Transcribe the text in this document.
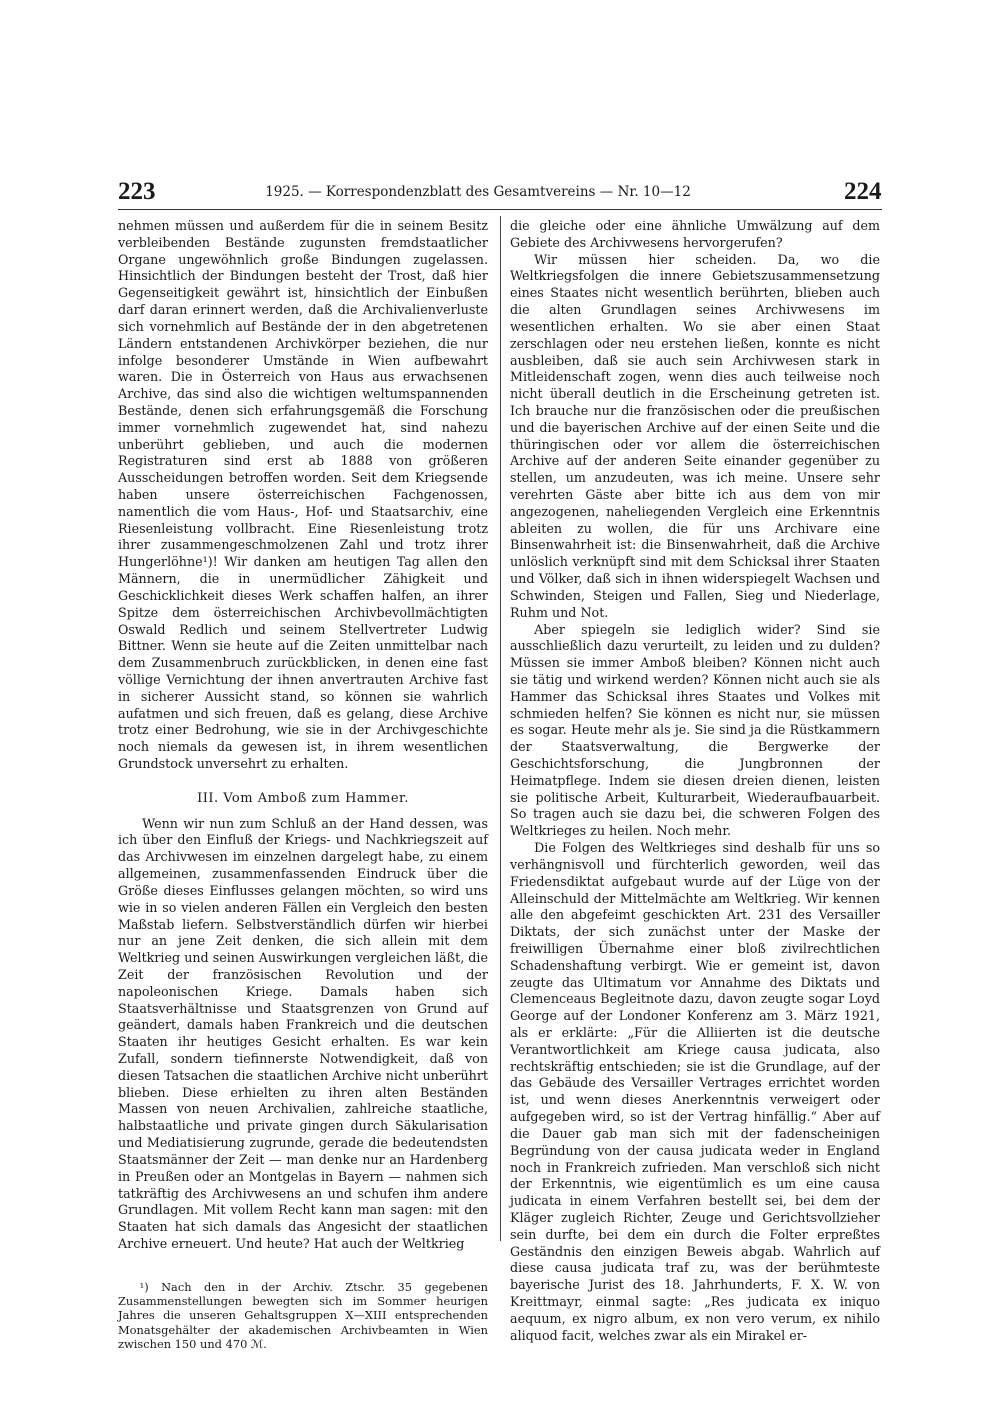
223	1925. — Korrespondenzblatt des Gesamtvereins — Nr. 10—12	224

nehmen müssen und außerdem für die in seinem Besitz verbleibenden Bestände zugunsten fremdstaatlicher Organe ungewöhnlich große Bindungen zugelassen. Hinsichtlich der Bindungen besteht der Trost, daß hier Gegenseitigkeit gewährt ist, hinsichtlich der Einbußen darf daran erinnert werden, daß die Archivalienverluste sich vornehmlich auf Bestände der in den abgetretenen Ländern entstandenen Archivkörper beziehen, die nur infolge besonderer Umstände in Wien aufbewahrt waren. Die in Österreich von Haus aus erwachsenen Archive, das sind also die wichtigen weltumspannenden Bestände, denen sich erfahrungsgemäß die Forschung immer vornehmlich zugewendet hat, sind nahezu unberührt geblieben, und auch die modernen Registraturen sind erst ab 1888 von größeren Ausscheidungen betroffen worden. Seit dem Kriegsende haben unsere österreichischen Fachgenossen, namentlich die vom Haus-, Hof- und Staatsarchiv, eine Riesenleistung vollbracht. Eine Riesenleistung trotz ihrer zusammengeschmolzenen Zahl und trotz ihrer Hungerlöhne¹)! Wir danken am heutigen Tag allen den Männern, die in unermüdlicher Zähigkeit und Geschicklichkeit dieses Werk schaffen halfen, an ihrer Spitze dem österreichischen Archivbevollmächtigten Oswald Redlich und seinem Stellvertreter Ludwig Bittner. Wenn sie heute auf die Zeiten unmittelbar nach dem Zusammenbruch zurückblicken, in denen eine fast völlige Vernichtung der ihnen anvertrauten Archive fast in sicherer Aussicht stand, so können sie wahrlich aufatmen und sich freuen, daß es gelang, diese Archive trotz einer Bedrohung, wie sie in der Archivgeschichte noch niemals da gewesen ist, in ihrem wesentlichen Grundstock unversehrt zu erhalten.

III. Vom Amboß zum Hammer.

Wenn wir nun zum Schluß an der Hand dessen, was ich über den Einfluß der Kriegs- und Nachkriegszeit auf das Archivwesen im einzelnen dargelegt habe, zu einem allgemeinen, zusammenfassenden Eindruck über die Größe dieses Einflusses gelangen möchten, so wird uns wie in so vielen anderen Fällen ein Vergleich den besten Maßstab liefern. Selbstverständlich dürfen wir hierbei nur an jene Zeit denken, die sich allein mit dem Weltkrieg und seinen Auswirkungen vergleichen läßt, die Zeit der französischen Revolution und der napoleonischen Kriege. Damals haben sich Staatsverhältnisse und Staatsgrenzen von Grund auf geändert, damals haben Frankreich und die deutschen Staaten ihr heutiges Gesicht erhalten. Es war kein Zufall, sondern tiefinnerste Notwendigkeit, daß von diesen Tatsachen die staatlichen Archive nicht unberührt blieben. Diese erhielten zu ihren alten Beständen Massen von neuen Archivalien, zahlreiche staatliche, halbstaatliche und private gingen durch Säkularisation und Mediatisierung zugrunde, gerade die bedeutendsten Staatsmänner der Zeit — man denke nur an Hardenberg in Preußen oder an Montgelas in Bayern — nahmen sich tatkräftig des Archivwesens an und schufen ihm andere Grundlagen. Mit vollem Recht kann man sagen: mit den Staaten hat sich damals das Angesicht der staatlichen Archive erneuert. Und heute? Hat auch der Weltkrieg

¹) Nach den in der Archiv. Ztschr. 35 gegebenen Zusammenstellungen bewegten sich im Sommer heurigen Jahres die unseren Gehaltsgruppen X—XIII entsprechenden Monatsgehälter der akademischen Archivbeamten in Wien zwischen 150 und 470 ℳ.

die gleiche oder eine ähnliche Umwälzung auf dem Gebiete des Archivwesens hervorgerufen?

Wir müssen hier scheiden. Da, wo die Weltkriegsfolgen die innere Gebietszusammensetzung eines Staates nicht wesentlich berührten, blieben auch die alten Grundlagen seines Archivwesens im wesentlichen erhalten. Wo sie aber einen Staat zerschlagen oder neu erstehen ließen, konnte es nicht ausbleiben, daß sie auch sein Archivwesen stark in Mitleidenschaft zogen, wenn dies auch teilweise noch nicht überall deutlich in die Erscheinung getreten ist. Ich brauche nur die französischen oder die preußischen und die bayerischen Archive auf der einen Seite und die thüringischen oder vor allem die österreichischen Archive auf der anderen Seite einander gegenüber zu stellen, um anzudeuten, was ich meine. Unsere sehr verehrten Gäste aber bitte ich aus dem von mir angezogenen, naheliegenden Vergleich eine Erkenntnis ableiten zu wollen, die für uns Archivare eine Binsenwahrheit ist: die Binsenwahrheit, daß die Archive unlöslich verknüpft sind mit dem Schicksal ihrer Staaten und Völker, daß sich in ihnen widerspiegelt Wachsen und Schwinden, Steigen und Fallen, Sieg und Niederlage, Ruhm und Not.

Aber spiegeln sie lediglich wider? Sind sie ausschließlich dazu verurteilt, zu leiden und zu dulden? Müssen sie immer Amboß bleiben? Können nicht auch sie tätig und wirkend werden? Können nicht auch sie als Hammer das Schicksal ihres Staates und Volkes mit schmieden helfen? Sie können es nicht nur, sie müssen es sogar. Heute mehr als je. Sie sind ja die Rüstkammern der Staatsverwaltung, die Bergwerke der Geschichtsforschung, die Jungbronnen der Heimatpflege. Indem sie diesen dreien dienen, leisten sie politische Arbeit, Kulturarbeit, Wiederaufbauarbeit. So tragen auch sie dazu bei, die schweren Folgen des Weltkrieges zu heilen. Noch mehr.

Die Folgen des Weltkrieges sind deshalb für uns so verhängnisvoll und fürchterlich geworden, weil das Friedensdiktat aufgebaut wurde auf der Lüge von der Alleinschuld der Mittelmächte am Weltkrieg. Wir kennen alle den abgefeimt geschickten Art. 231 des Versailler Diktats, der sich zunächst unter der Maske der freiwilligen Übernahme einer bloß zivilrechtlichen Schadenshaftung verbirgt. Wie er gemeint ist, davon zeugte das Ultimatum vor Annahme des Diktats und Clemenceaus Begleitnote dazu, davon zeugte sogar Loyd George auf der Londoner Konferenz am 3. März 1921, als er erklärte: „Für die Alliierten ist die deutsche Verantwortlichkeit am Kriege causa judicata, also rechtskräftig entschieden; sie ist die Grundlage, auf der das Gebäude des Versailler Vertrages errichtet worden ist, und wenn dieses Anerkenntnis verweigert oder aufgegeben wird, so ist der Vertrag hinfällig.“ Aber auf die Dauer gab man sich mit der fadenscheinigen Begründung von der causa judicata weder in England noch in Frankreich zufrieden. Man verschloß sich nicht der Erkenntnis, wie eigentümlich es um eine causa judicata in einem Verfahren bestellt sei, bei dem der Kläger zugleich Richter, Zeuge und Gerichtsvollzieher sein durfte, bei dem ein durch die Folter erpreßtes Geständnis den einzigen Beweis abgab. Wahrlich auf diese causa judicata traf zu, was der berühmteste bayerische Jurist des 18. Jahrhunderts, F. X. W. von Kreittmayr, einmal sagte: „Res judicata ex iniquo aequum, ex nigro album, ex non vero verum, ex nihilo aliquod facit, welches zwar als ein Mirakel er-
